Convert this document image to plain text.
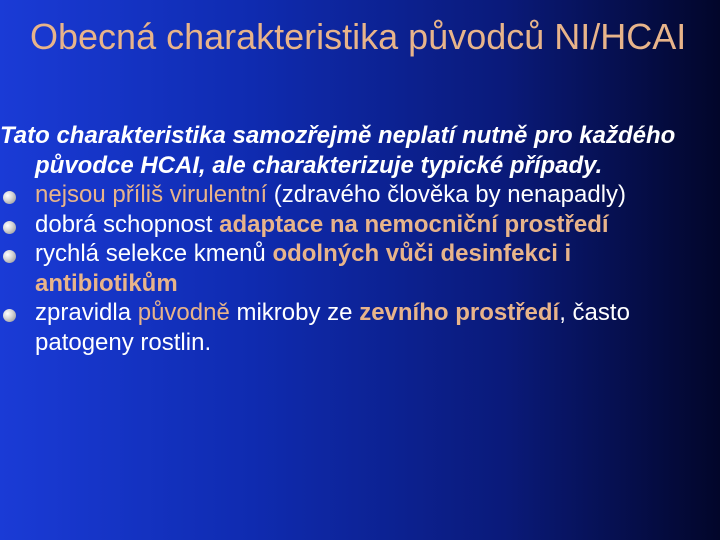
Obecná charakteristika původců NI/HCAI
Tato charakteristika samozřejmě neplatí nutně pro každého původce HCAI, ale charakterizuje typické případy.
nejsou příliš virulentní (zdravého člověka by nenapadly)
dobrá schopnost adaptace na nemocniční prostředí
rychlá selekce kmenů odolných vůči desinfekci i antibiotikům
zpravidla původně mikroby ze zevního prostředí, často patogeny rostlin.
